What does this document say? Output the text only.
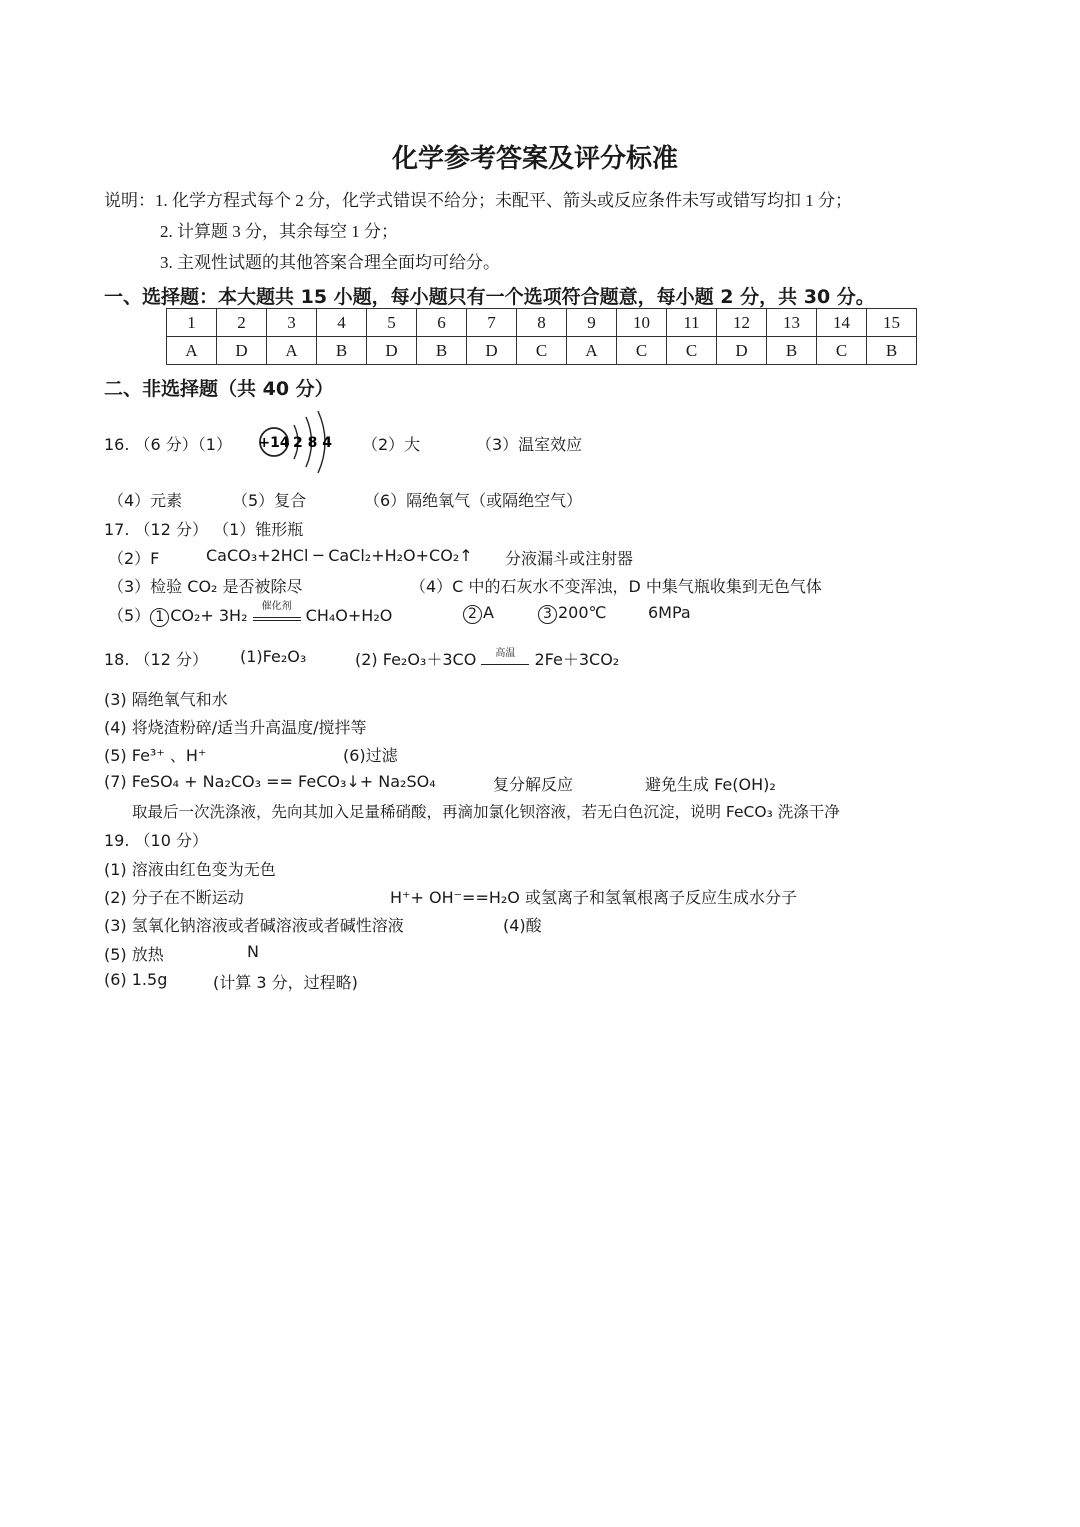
化学参考答案及评分标准
说明：1. 化学方程式每个 2 分，化学式错误不给分；未配平、箭头或反应条件未写或错写均扣 1 分；
2. 计算题 3 分，其余每空 1 分；
3. 主观性试题的其他答案合理全面均可给分。
一、选择题：本大题共 15 小题，每小题只有一个选项符合题意，每小题 2 分，共 30 分。
1	2	3	4	5	6	7	8	9	10	11	12	13	14	15
A	D	A	B	D	B	D	C	A	C	C	D	B	C	B
二、非选择题（共 40 分）
16. （6 分）（1） +14 2 8 4 （2）大	（3）温室效应
（4）元素	（5）复合	（6）隔绝氧气（或隔绝空气）
17. （12 分） （1）锥形瓶
（2）F	CaCO₃+2HCl ─ CaCl₂+H₂O+CO₂↑ 分液漏斗或注射器
（3）检验 CO₂ 是否被除尽	（4）C 中的石灰水不变浑浊，D 中集气瓶收集到无色气体
（5） 1 CO₂+ 3H₂	催化剂 CH₄O+H₂O	2 A	3 200℃	6MPa
18. （12 分） (1)Fe₂O₃	(2) Fe₂O₃＋3CO	高温	2Fe＋3CO₂
(3) 隔绝氧气和水
(4) 将烧渣粉碎/适当升高温度/搅拌等
(5) Fe³⁺ 、H⁺	(6)过滤
(7) FeSO₄ + Na₂CO₃ == FeCO₃↓+ Na₂SO₄	复分解反应	避免生成 Fe(OH)₂
取最后一次洗涤液，先向其加入足量稀硝酸，再滴加氯化钡溶液，若无白色沉淀，说明 FeCO₃ 洗涤干净
19. （10 分）
(1) 溶液由红色变为无色
(2) 分子在不断运动	H⁺+ OH⁻==H₂O 或氢离子和氢氧根离子反应生成水分子
(3) 氢氧化钠溶液或者碱溶液或者碱性溶液	(4)酸
(5) 放热	N
(6) 1.5g	(计算 3 分，过程略)
